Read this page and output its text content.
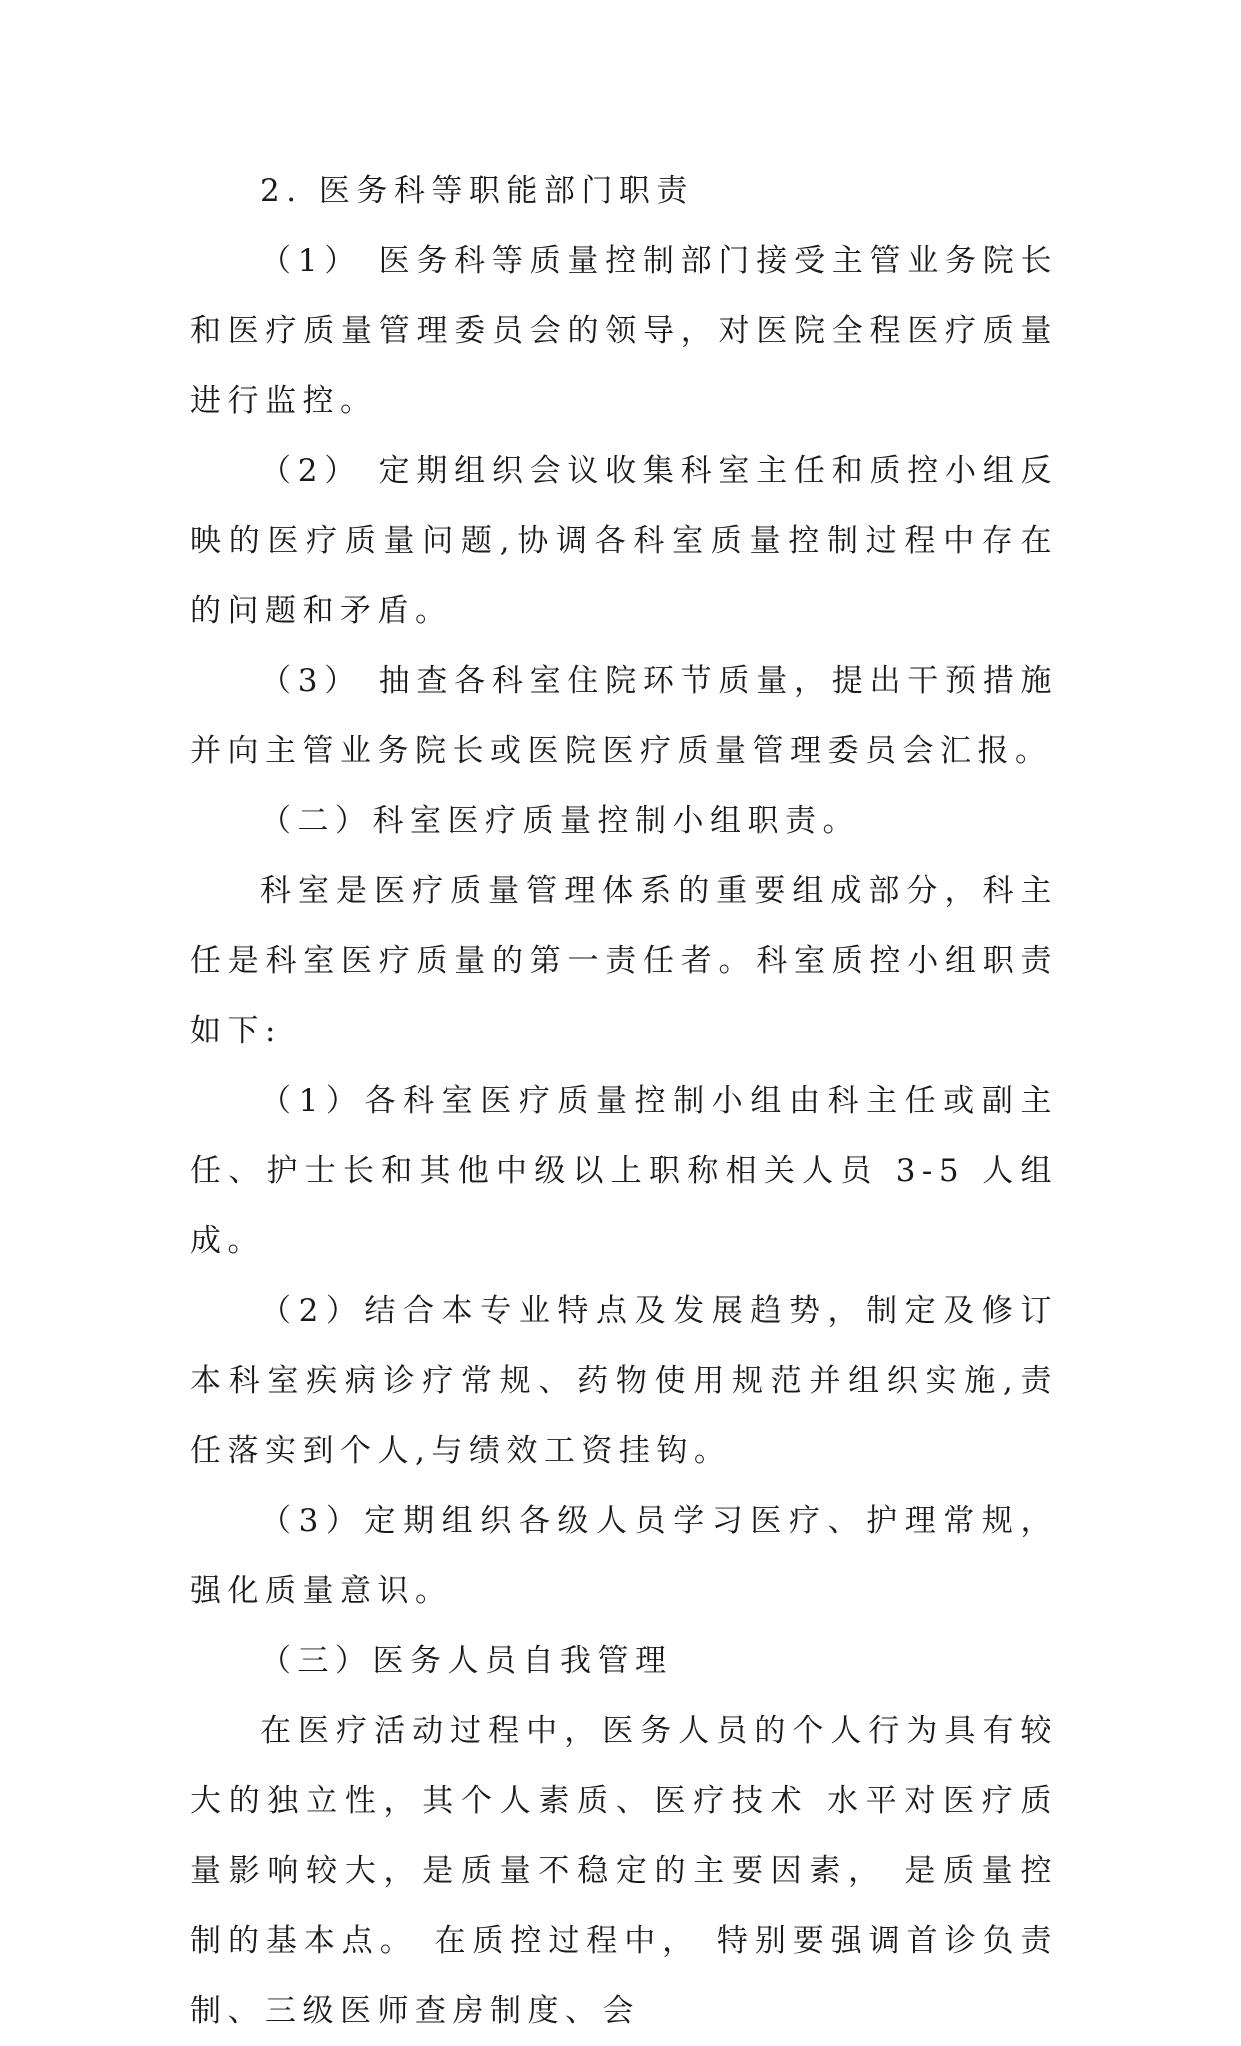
2. 医务科等职能部门职责

（1） 医务科等质量控制部门接受主管业务院长和医疗质量管理委员会的领导，对医院全程医疗质量进行监控。

（2） 定期组织会议收集科室主任和质控小组反映的医疗质量问题,协调各科室质量控制过程中存在的问题和矛盾。

（3） 抽查各科室住院环节质量，提出干预措施并向主管业务院长或医院医疗质量管理委员会汇报。

（二）科室医疗质量控制小组职责。

科室是医疗质量管理体系的重要组成部分，科主任是科室医疗质量的第一责任者。科室质控小组职责如下:

（1）各科室医疗质量控制小组由科主任或副主任、护士长和其他中级以上职称相关人员 3-5 人组成。

（2）结合本专业特点及发展趋势，制定及修订本科室疾病诊疗常规、药物使用规范并组织实施,责任落实到个人,与绩效工资挂钩。

（3）定期组织各级人员学习医疗、护理常规，强化质量意识。

（三）医务人员自我管理

在医疗活动过程中，医务人员的个人行为具有较大的独立性，其个人素质、医疗技术 水平对医疗质量影响较大，是质量不稳定的主要因素， 是质量控制的基本点。 在质控过程中， 特别要强调首诊负责制、三级医师查房制度、会
